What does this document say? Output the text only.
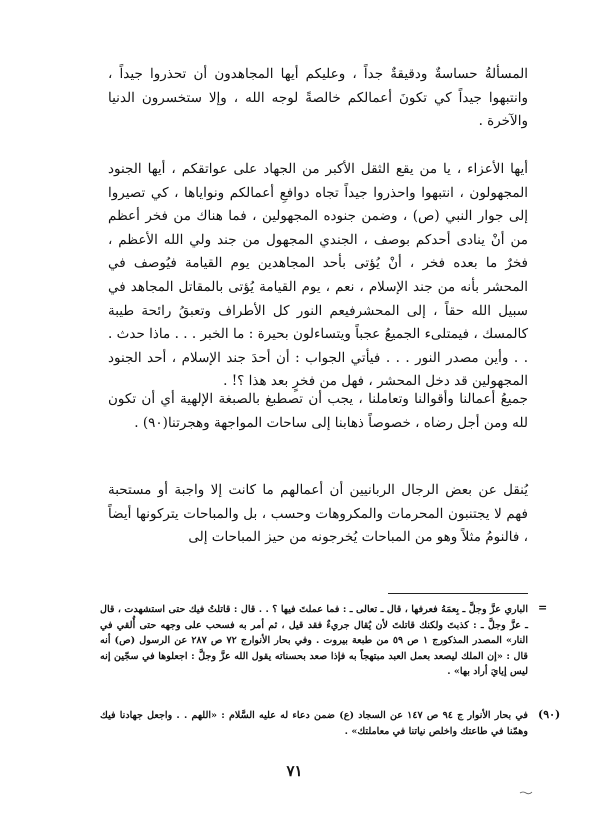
المسألةُ حساسةٌ ودقيقةٌ جداً ، وعليكم أيها المجاهدون أن تحذروا جيداً ، وانتبهوا جيداً كي تكونَ أعمالكم خالصةً لوجه الله ، وإلا ستخسرون الدنيا والآخرة .

أيها الأعزاء ، يا من يقع الثقل الأكبر من الجهاد على عواتقكم ، أيها الجنود المجهولون ، انتبهوا واحذروا جيداً تجاه دوافعِ أعمالكم ونواياها ، كي تصيروا إلى جوار النبي (ص) ، وضمن جنوده المجهولين ، فما هناك من فخر أعظم من أنْ ينادى أحدكم بوصف ، الجندي المجهول من جند ولي الله الأعظم ، فخرٌ ما بعده فخر ، أنْ يُؤتى بأحد المجاهدين يوم القيامة فيُوصف في المحشر بأنه من جند الإسلام ، نعم ، يوم القيامة يُؤتى بالمقاتل المجاهد في سبيل الله حقاً ، إلى المحشرفيعم النور كل الأطراف وتعبقُ رائحة طيبة كالمسك ، فيمتلىء الجميعُ عجباً ويتساءلون بحيرة : ما الخبر . . . ماذا حدث . . . وأين مصدر النور . . . فيأتي الجواب : أن أحدَ جند الإسلام ، أحد الجنود المجهولين قد دخل المحشر ، فهل من فخرٍ بعد هذا ؟! .

جميعُ أعمالنا وأقوالنا وتعاملنا ، يجب أن تصطبغ بالصبغة الإلهية أي أن تكون لله ومن أجل رضاه ، خصوصاً ذهابنا إلى ساحات المواجهة وهجرتنا(٩٠) .

يُنقل عن بعض الرجال الربانيين أن أعمالهم ما كانت إلا واجبة أو مستحبة فهم لا يجتنبون المحرمات والمكروهات وحسب ، بل والمباحات يتركونها أيضاً ، فالنومُ مثلاً وهو من المباحات يُخرجونه من حيز المباحات إلى

=

الباري عزَّ وجلَّ ـ بِعمَهُ فعرفها ، قال ـ تعالى ـ : فما عملتَ فيها ؟ . . قال : قاتلتُ فيك حتى استشهدت ، قال ـ عزَّ وجلَّ ـ : كذبتَ ولكنك قاتلتَ لأن يُقال جريءٌ فقد قيل ، ثم أمر به فسحب على وجهه حتى أُلقي في النار» المصدر المذكورج ١ ص ٥٩ من طبعة بيروت . وفي بحار الأنوارج ٧٢ ص ٢٨٧ عن الرسول (ص) أنه قال : «إن الملك ليصعد بعمل العبد مبتهجاً به فإذا صعد بحسناته يقول الله عزَّ وجلَّ : اجعلوها في سجّين إنه ليس إيايَ أراد بها» .

(٩٠)

في بحار الأنوار ج ٩٤ ص ١٤٧ عن السجاد (ع) ضمن دعاء له عليه السَّلام : «اللهم . . واجعل جهادنا فيك وهمّنا في طاعتك واخلص نياتنا في معاملتك» .

٧١
